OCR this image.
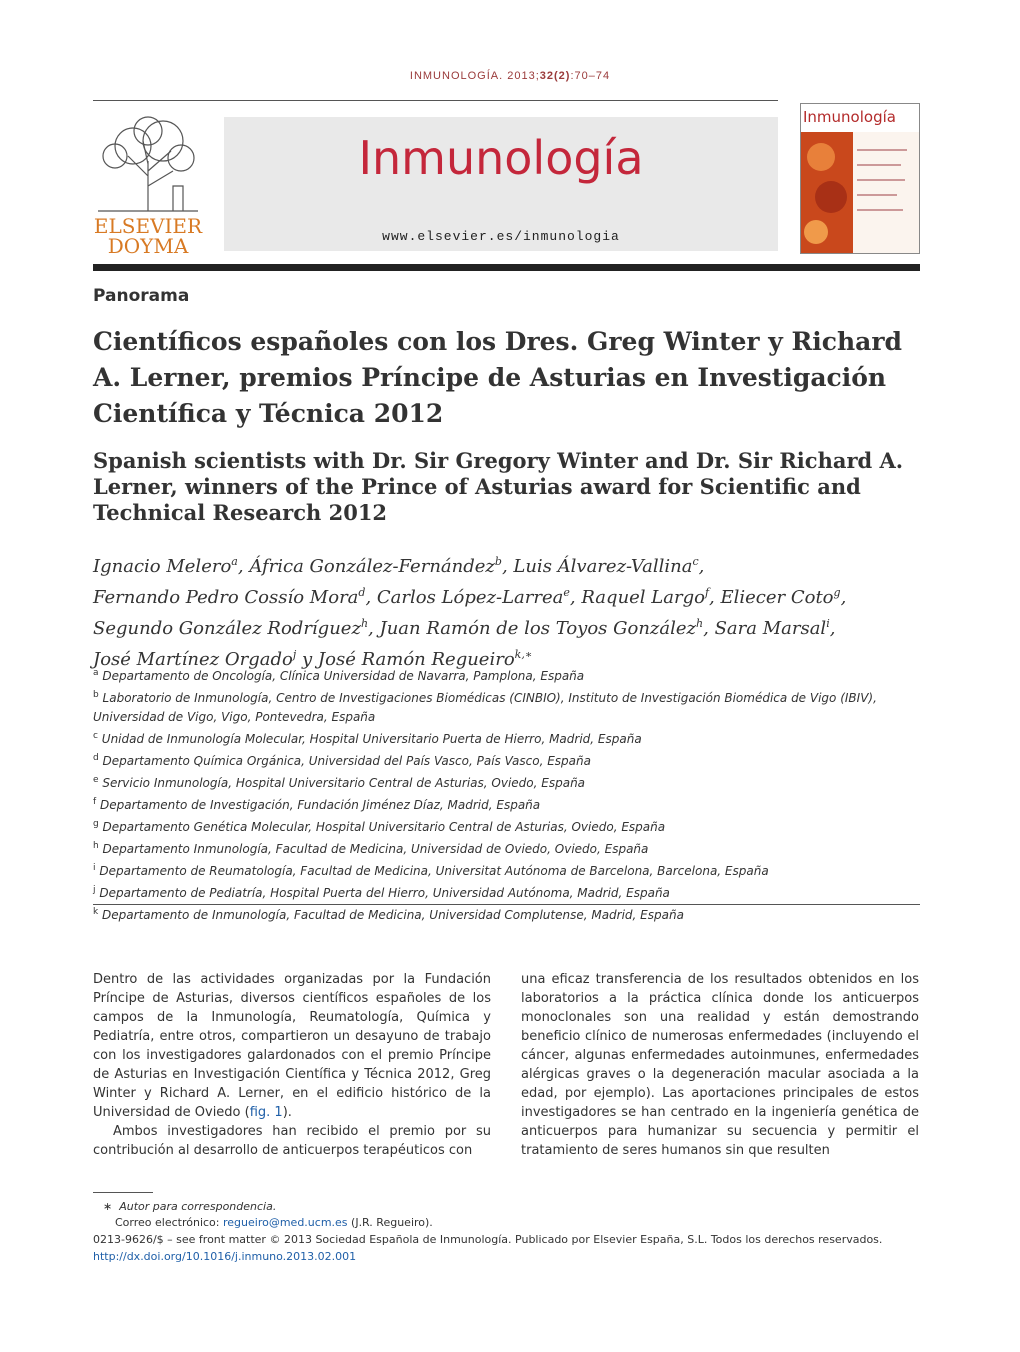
INMUNOLOGÍA. 2013;32(2):70–74
ELSEVIER
DOYMA
Inmunología
www.elsevier.es/inmunologia
Inmunología
Panorama
Científicos españoles con los Dres. Greg Winter y Richard A. Lerner, premios Príncipe de Asturias en Investigación Científica y Técnica 2012
Spanish scientists with Dr. Sir Gregory Winter and Dr. Sir Richard A. Lerner, winners of the Prince of Asturias award for Scientific and Technical Research 2012

Ignacio Melero$^a$, África González-Fernández$^b$, Luis Álvarez-Vallina$^c$,
Fernando Pedro Cossío Mora$^d$, Carlos López-Larrea$^e$, Raquel Largo$^f$, Eliecer Coto$^g$,
Segundo González Rodríguez$^h$, Juan Ramón de los Toyos González$^h$, Sara Marsal$^i$,
José Martínez Orgado$^j$ y José Ramón Regueiro$^{k,∗}$

$^a$ Departamento de Oncología, Clínica Universidad de Navarra, Pamplona, España
$^b$ Laboratorio de Inmunología, Centro de Investigaciones Biomédicas (CINBIO), Instituto de Investigación Biomédica de Vigo (IBIV), Universidad de Vigo, Vigo, Pontevedra, España
$^c$ Unidad de Inmunología Molecular, Hospital Universitario Puerta de Hierro, Madrid, España
$^d$ Departamento Química Orgánica, Universidad del País Vasco, País Vasco, España
$^e$ Servicio Inmunología, Hospital Universitario Central de Asturias, Oviedo, España
$^f$ Departamento de Investigación, Fundación Jiménez Díaz, Madrid, España
$^g$ Departamento Genética Molecular, Hospital Universitario Central de Asturias, Oviedo, España
$^h$ Departamento Inmunología, Facultad de Medicina, Universidad de Oviedo, Oviedo, España
$^i$ Departamento de Reumatología, Facultad de Medicina, Universitat Autónoma de Barcelona, Barcelona, España
$^j$ Departamento de Pediatría, Hospital Puerta del Hierro, Universidad Autónoma, Madrid, España
$^k$ Departamento de Inmunología, Facultad de Medicina, Universidad Complutense, Madrid, España

Dentro de las actividades organizadas por la Fundación Príncipe de Asturias, diversos científicos españoles de los campos de la Inmunología, Reumatología, Química y Pediatría, entre otros, compartieron un desayuno de trabajo con los investigadores galardonados con el premio Príncipe de Asturias en Investigación Científica y Técnica 2012, Greg Winter y Richard A. Lerner, en el edificio histórico de la Universidad de Oviedo (fig. 1).

Ambos investigadores han recibido el premio por su contribución al desarrollo de anticuerpos terapéuticos con

una eficaz transferencia de los resultados obtenidos en los laboratorios a la práctica clínica donde los anticuerpos monoclonales son una realidad y están demostrando beneficio clínico de numerosas enfermedades (incluyendo el cáncer, algunas enfermedades autoinmunes, enfermedades alérgicas graves o la degeneración macular asociada a la edad, por ejemplo). Las aportaciones principales de estos investigadores se han centrado en la ingeniería genética de anticuerpos para humanizar su secuencia y permitir el tratamiento de seres humanos sin que resulten

∗ Autor para correspondencia.
Correo electrónico: regueiro@med.ucm.es (J.R. Regueiro).
0213-9626/$ – see front matter © 2013 Sociedad Española de Inmunología. Publicado por Elsevier España, S.L. Todos los derechos reservados.
http://dx.doi.org/10.1016/j.inmuno.2013.02.001
